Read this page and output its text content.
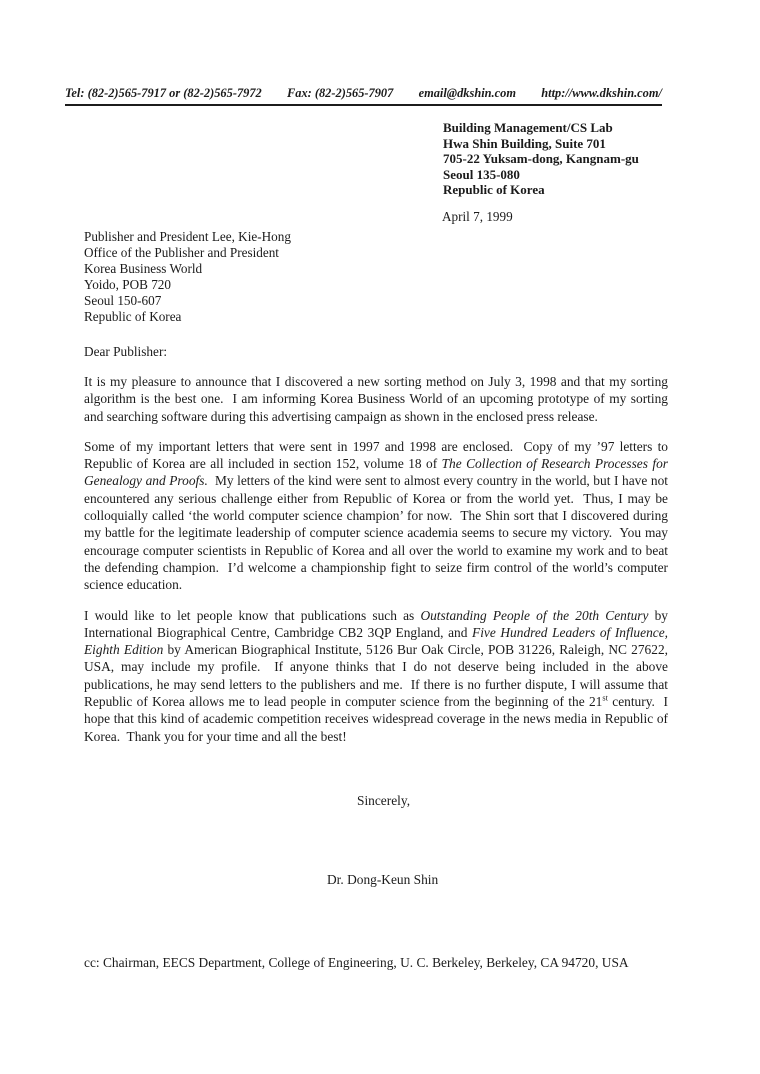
Tel: (82-2)565-7917 or (82-2)565-7972 Fax: (82-2)565-7907 email@dkshin.com http://www.dkshin.com/
Building Management/CS Lab
Hwa Shin Building, Suite 701
705-22 Yuksam-dong, Kangnam-gu
Seoul 135-080
Republic of Korea
April 7, 1999
Publisher and President Lee, Kie-Hong
Office of the Publisher and President
Korea Business World
Yoido, POB 720
Seoul 150-607
Republic of Korea
Dear Publisher:

It is my pleasure to announce that I discovered a new sorting method on July 3, 1998 and that my sorting algorithm is the best one.  I am informing Korea Business World of an upcoming prototype of my sorting and searching software during this advertising campaign as shown in the enclosed press release.

Some of my important letters that were sent in 1997 and 1998 are enclosed.  Copy of my ’97 letters to Republic of Korea are all included in section 152, volume 18 of The Collection of Research Processes for Genealogy and Proofs.  My letters of the kind were sent to almost every country in the world, but I have not encountered any serious challenge either from Republic of Korea or from the world yet.  Thus, I may be colloquially called ‘the world computer science champion’ for now.  The Shin sort that I discovered during my battle for the legitimate leadership of computer science academia seems to secure my victory.  You may encourage computer scientists in Republic of Korea and all over the world to examine my work and to beat the defending champion.  I’d welcome a championship fight to seize firm control of the world’s computer science education.

I would like to let people know that publications such as Outstanding People of the 20th Century by International Biographical Centre, Cambridge CB2 3QP England, and Five Hundred Leaders of Influence, Eighth Edition by American Biographical Institute, 5126 Bur Oak Circle, POB 31226, Raleigh, NC 27622, USA, may include my profile.  If anyone thinks that I do not deserve being included in the above publications, he may send letters to the publishers and me.  If there is no further dispute, I will assume that Republic of Korea allows me to lead people in computer science from the beginning of the 21st century.  I hope that this kind of academic competition receives widespread coverage in the news media in Republic of Korea.  Thank you for your time and all the best!

Sincerely,
Dr. Dong-Keun Shin
cc: Chairman, EECS Department, College of Engineering, U. C. Berkeley, Berkeley, CA 94720, USA
